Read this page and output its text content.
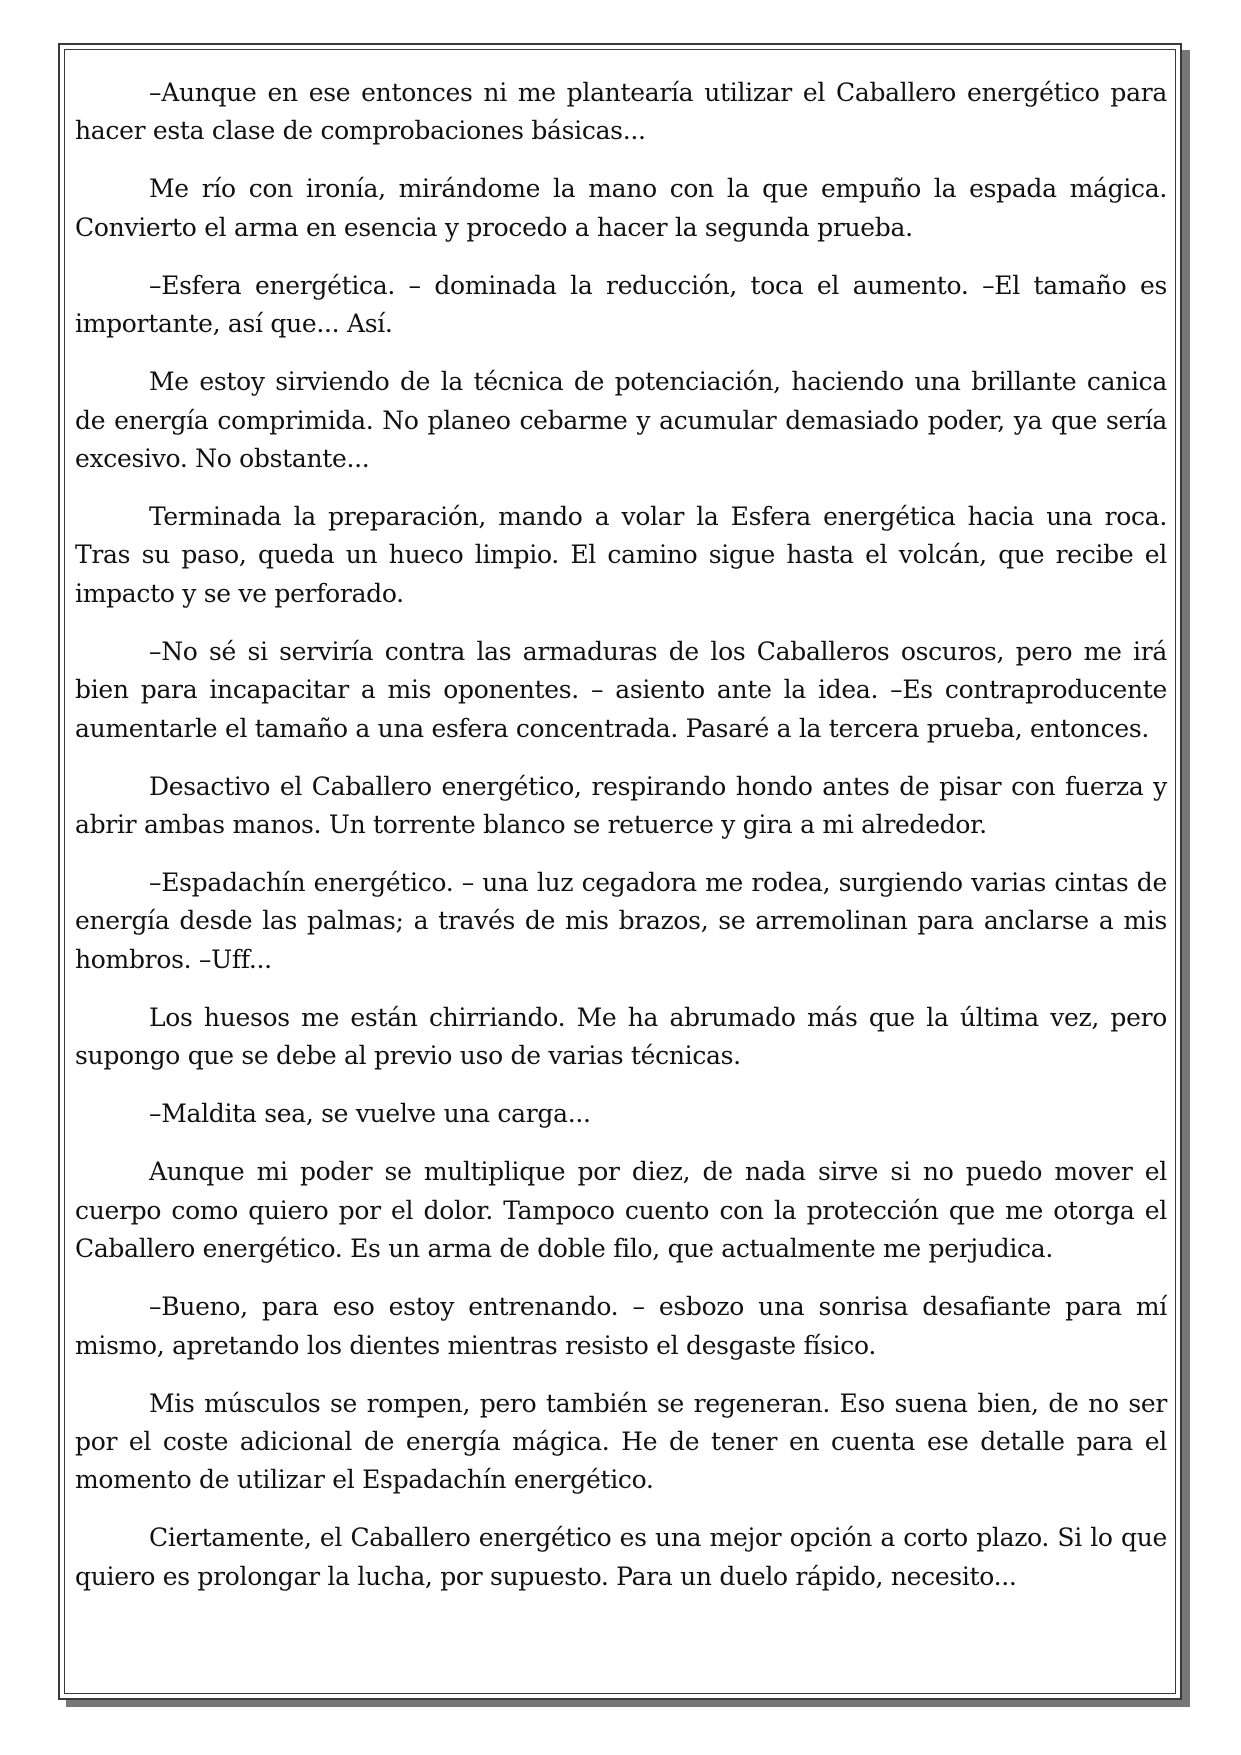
–Aunque en ese entonces ni me plantearía utilizar el Caballero energético para hacer esta clase de comprobaciones básicas...

Me río con ironía, mirándome la mano con la que empuño la espada mágica. Convierto el arma en esencia y procedo a hacer la segunda prueba.

–Esfera energética. – dominada la reducción, toca el aumento. –El tamaño es importante, así que... Así.

Me estoy sirviendo de la técnica de potenciación, haciendo una brillante canica de energía comprimida. No planeo cebarme y acumular demasiado poder, ya que sería excesivo. No obstante...

Terminada la preparación, mando a volar la Esfera energética hacia una roca. Tras su paso, queda un hueco limpio. El camino sigue hasta el volcán, que recibe el impacto y se ve perforado.

–No sé si serviría contra las armaduras de los Caballeros oscuros, pero me irá bien para incapacitar a mis oponentes. – asiento ante la idea. –Es contraproducente aumentarle el tamaño a una esfera concentrada. Pasaré a la tercera prueba, entonces.

Desactivo el Caballero energético, respirando hondo antes de pisar con fuerza y abrir ambas manos. Un torrente blanco se retuerce y gira a mi alrededor.

–Espadachín energético. – una luz cegadora me rodea, surgiendo varias cintas de energía desde las palmas; a través de mis brazos, se arremolinan para anclarse a mis hombros. –Uff...

Los huesos me están chirriando. Me ha abrumado más que la última vez, pero supongo que se debe al previo uso de varias técnicas.

–Maldita sea, se vuelve una carga...

Aunque mi poder se multiplique por diez, de nada sirve si no puedo mover el cuerpo como quiero por el dolor. Tampoco cuento con la protección que me otorga el Caballero energético. Es un arma de doble filo, que actualmente me perjudica.

–Bueno, para eso estoy entrenando. – esbozo una sonrisa desafiante para mí mismo, apretando los dientes mientras resisto el desgaste físico.

Mis músculos se rompen, pero también se regeneran. Eso suena bien, de no ser por el coste adicional de energía mágica. He de tener en cuenta ese detalle para el momento de utilizar el Espadachín energético.

Ciertamente, el Caballero energético es una mejor opción a corto plazo. Si lo que quiero es prolongar la lucha, por supuesto. Para un duelo rápido, necesito...
